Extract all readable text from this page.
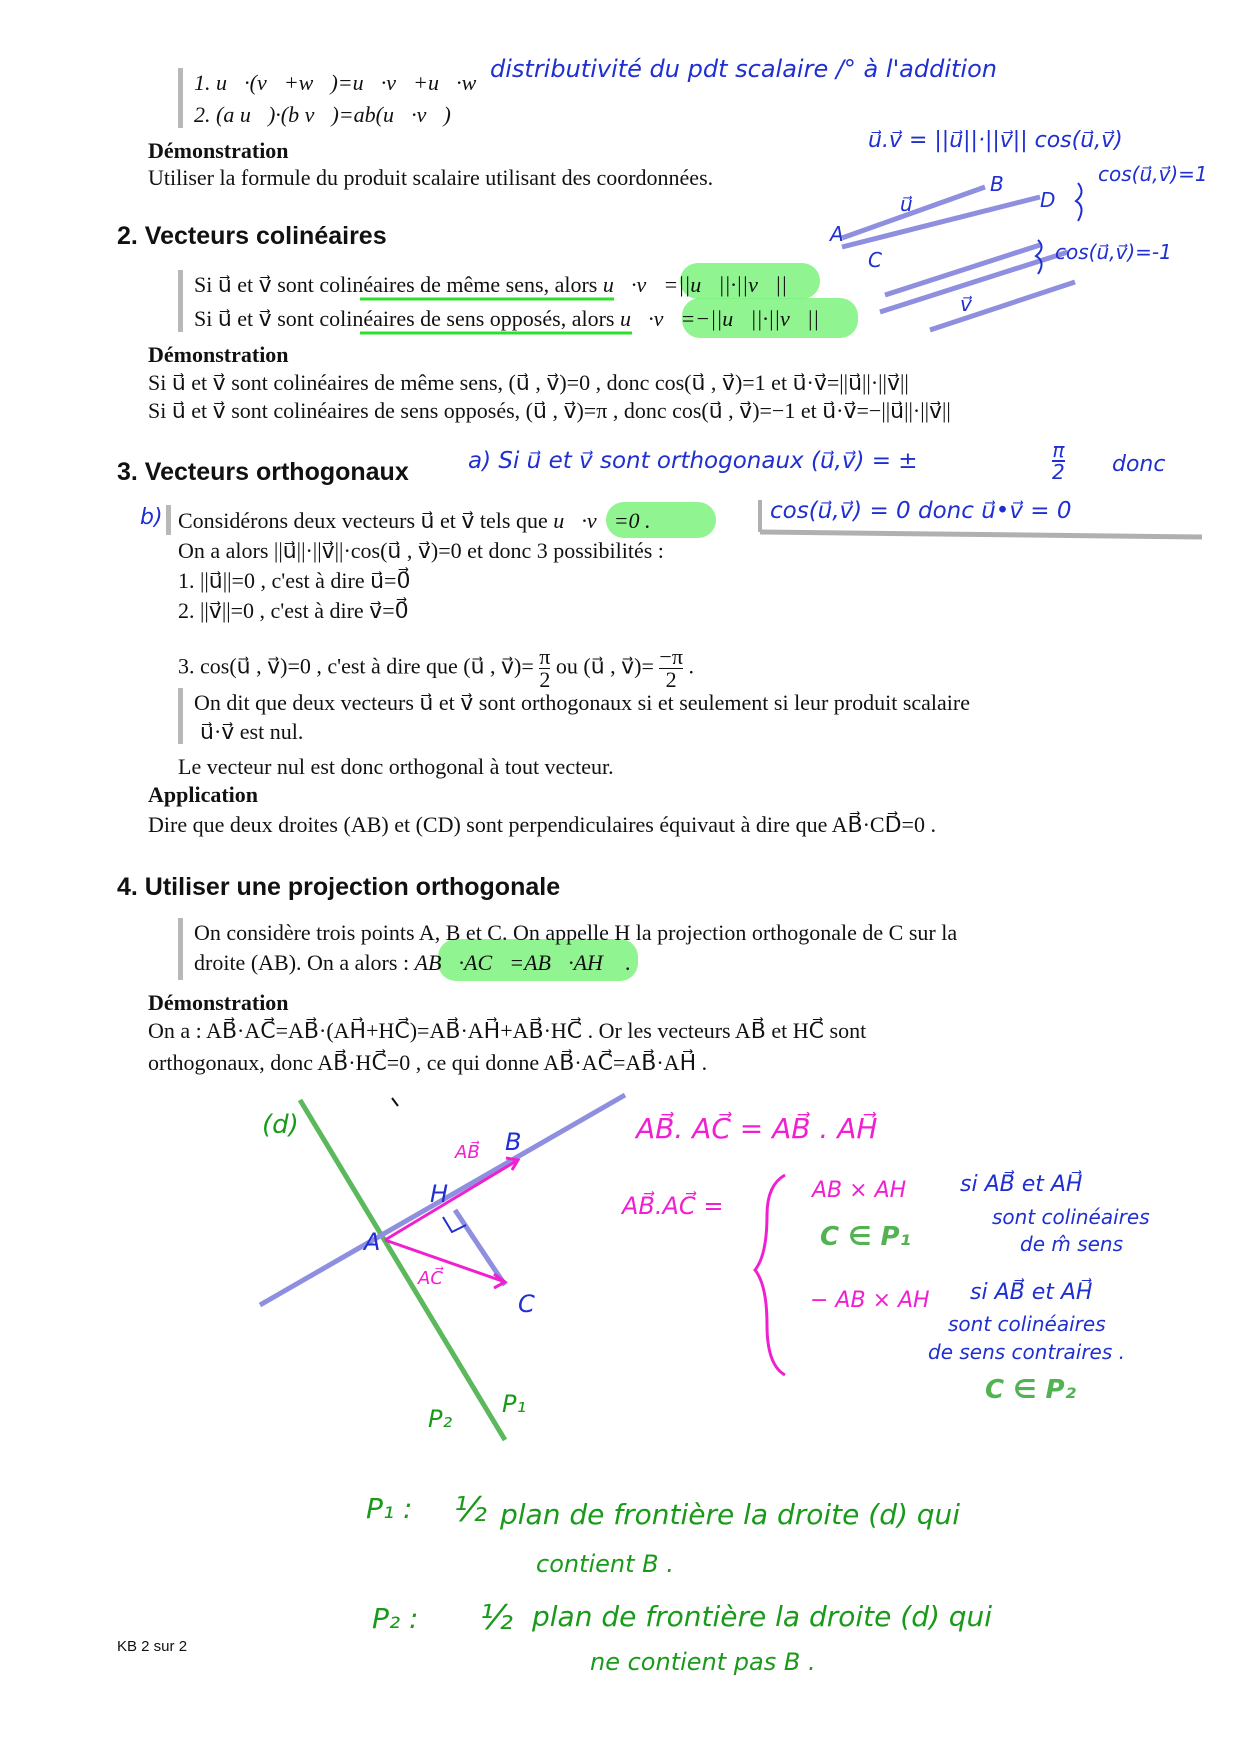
1. u⃗·(v⃗+w⃗)=u⃗·v⃗+u⃗·w⃗
2. (a u⃗)·(b v⃗)=ab(u⃗·v⃗)
Démonstration
Utiliser la formule du produit scalaire utilisant des coordonnées.
2. Vecteurs colinéaires
Si u⃗ et v⃗ sont colinéaires de même sens, alors u⃗·v⃗=||u⃗||·||v⃗||
Si u⃗ et v⃗ sont colinéaires de sens opposés, alors u⃗·v⃗=−||u⃗||·||v⃗||
Démonstration
Si u⃗ et v⃗ sont colinéaires de même sens, (u⃗ , v⃗)=0 , donc cos(u⃗ , v⃗)=1 et u⃗·v⃗=||u⃗||·||v⃗||
Si u⃗ et v⃗ sont colinéaires de sens opposés, (u⃗ , v⃗)=π , donc cos(u⃗ , v⃗)=−1 et u⃗·v⃗=−||u⃗||·||v⃗||
3. Vecteurs orthogonaux
Considérons deux vecteurs u⃗ et v⃗ tels que u⃗·v⃗=0 .
On a alors ||u⃗||·||v⃗||·cos(u⃗ , v⃗)=0 et donc 3 possibilités :
1. ||u⃗||=0 , c'est à dire u⃗=0⃗
2. ||v⃗||=0 , c'est à dire v⃗=0⃗
3. cos(u⃗ , v⃗)=0 , c'est à dire que (u⃗ , v⃗)= $\frac{\pi}{2}$ ou (u⃗ , v⃗)= $\frac{-\pi}{2}$ .
On dit que deux vecteurs u⃗ et v⃗ sont orthogonaux si et seulement si leur produit scalaire
u⃗·v⃗ est nul.
Le vecteur nul est donc orthogonal à tout vecteur.
Application
Dire que deux droites (AB) et (CD) sont perpendiculaires équivaut à dire que AB⃗·CD⃗=0 .
4. Utiliser une projection orthogonale
On considère trois points A, B et C. On appelle H la projection orthogonale de C sur la
droite (AB). On a alors : AB⃗·AC⃗=AB⃗·AH⃗ .
Démonstration
On a : AB⃗·AC⃗=AB⃗·(AH⃗+HC⃗)=AB⃗·AH⃗+AB⃗·HC⃗ . Or les vecteurs AB⃗ et HC⃗ sont
orthogonaux, donc AB⃗·HC⃗=0 , ce qui donne AB⃗·AC⃗=AB⃗·AH⃗ .
distributivité du pdt scalaire /° à l'addition
u⃗.v⃗ = ||u⃗||·||v⃗|| cos(u⃗,v⃗)
cos(u⃗,v⃗)=1
cos(u⃗,v⃗)=-1
A
B
C
D
u⃗
v⃗
a) Si u⃗ et v⃗ sont orthogonaux (u⃗,v⃗) = ±	π
2 donc
cos(u⃗,v⃗) = 0 donc u⃗•v⃗ = 0
b)
(d)
A
B
C
H
AB⃗
AC⃗
P₂
P₁
AB⃗. AC⃗ = AB⃗ . AH⃗
AB⃗.AC⃗ =
AB × AH si AB⃗ et AH⃗
sont colinéaires
de m̂ sens
C ∈ P₁
− AB × AH si AB⃗ et AH⃗
sont colinéaires
de sens contraires .
C ∈ P₂
P₁ : ½ plan de frontière la droite (d) qui
contient B .
P₂ : ½ plan de frontière la droite (d) qui
ne contient pas B .
KB 2 sur 2
